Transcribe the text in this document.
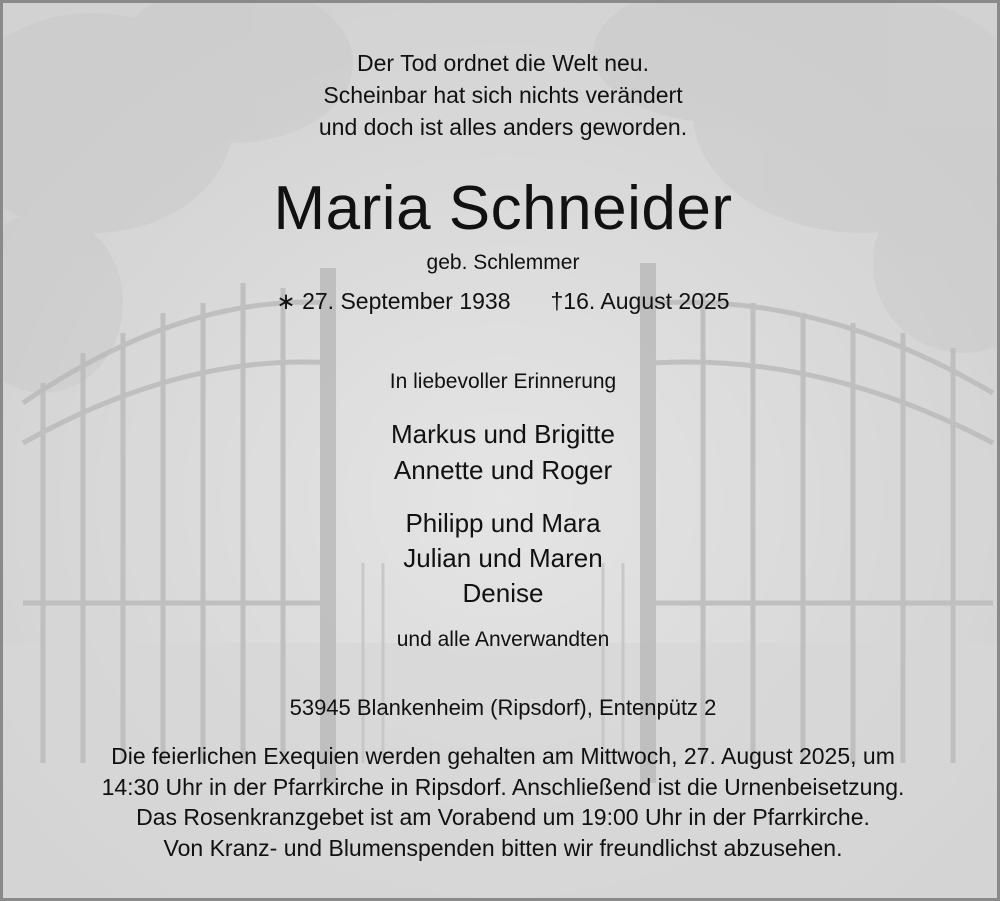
Der Tod ordnet die Welt neu.
Scheinbar hat sich nichts verändert
und doch ist alles anders geworden.
Maria Schneider
geb. Schlemmer
∗ 27. September 1938 †16. August 2025
In liebevoller Erinnerung
Markus und Brigitte
Annette und Roger
Philipp und Mara
Julian und Maren
Denise
und alle Anverwandten
53945 Blankenheim (Ripsdorf), Entenpütz 2
Die feierlichen Exequien werden gehalten am Mittwoch, 27. August 2025, um
14:30 Uhr in der Pfarrkirche in Ripsdorf. Anschließend ist die Urnenbeisetzung.
Das Rosenkranzgebet ist am Vorabend um 19:00 Uhr in der Pfarrkirche.
Von Kranz- und Blumenspenden bitten wir freundlichst abzusehen.
